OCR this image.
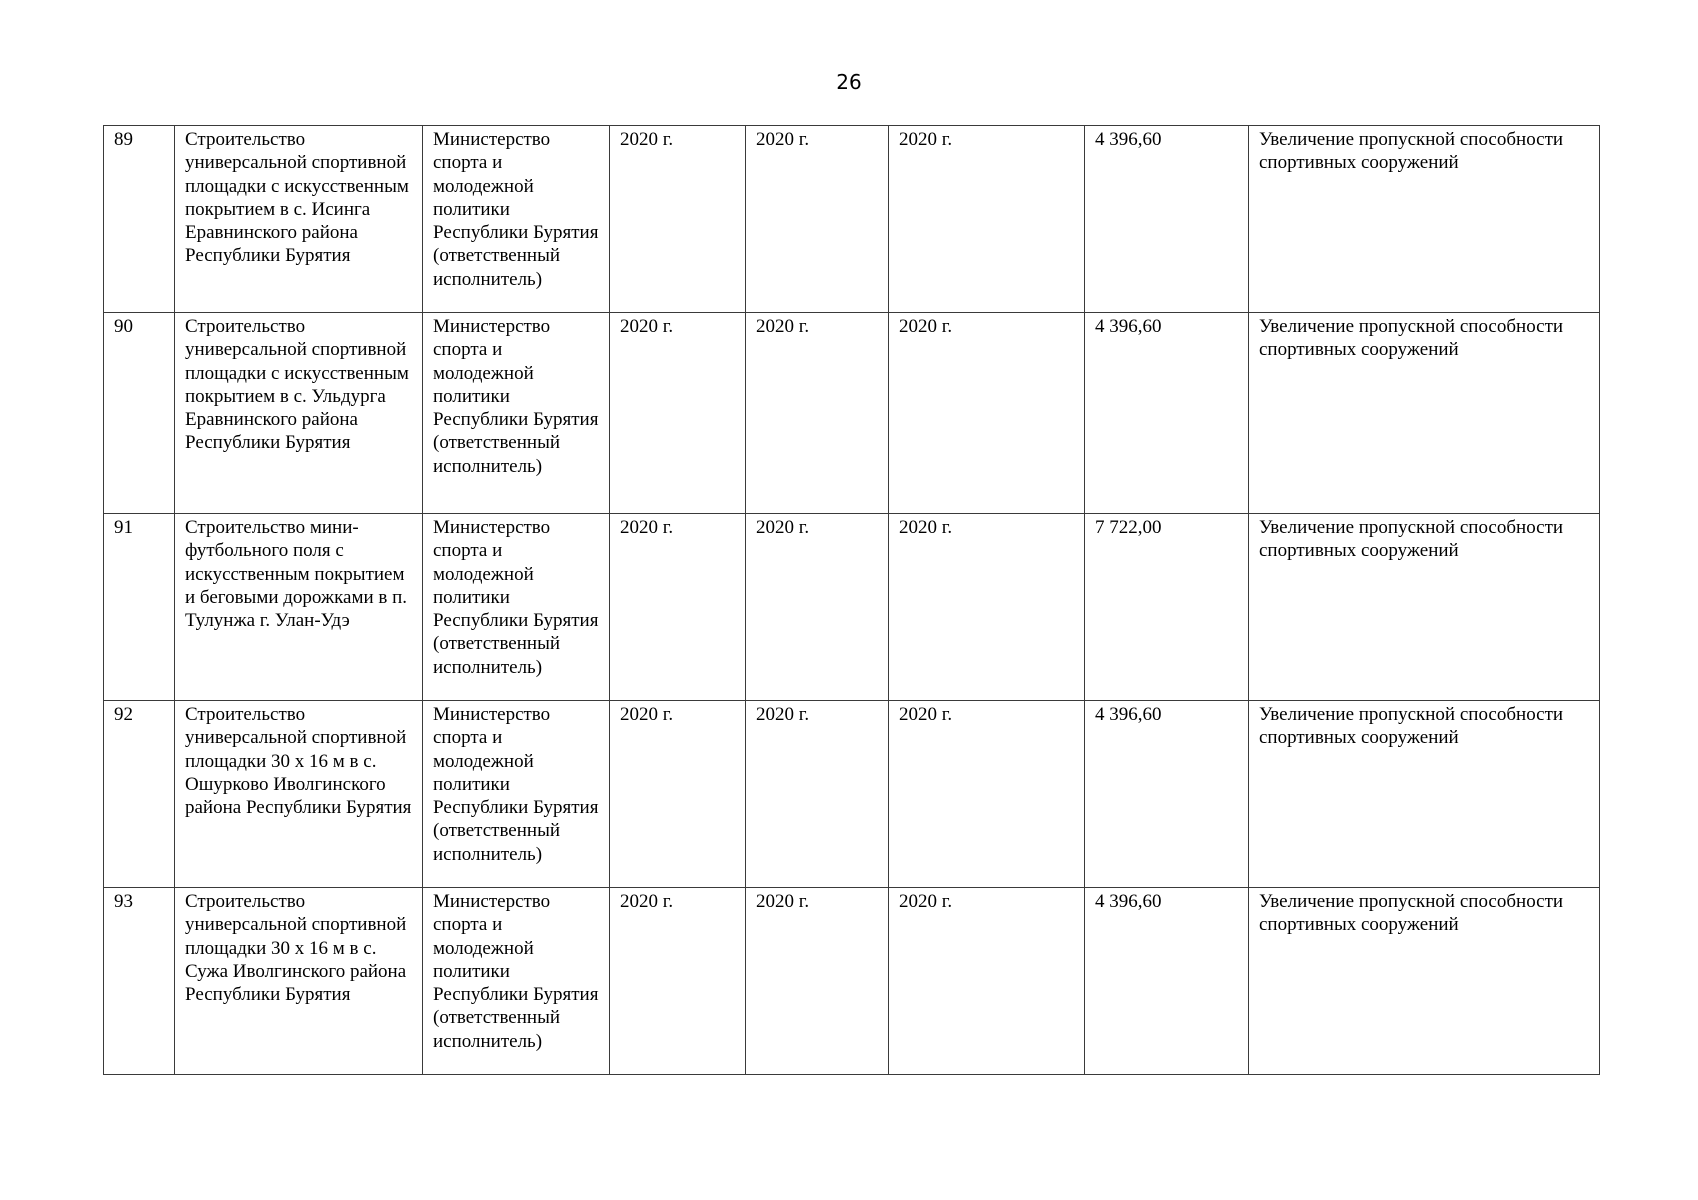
26
89	Строительство универсальной спортивной площадки с искусственным покрытием в с. Исинга Еравнинского района Республики Бурятия	Министерство спорта и молодежной политики Республики Бурятия (ответственный исполнитель)	2020 г.	2020 г.	2020 г.	4 396,60	Увеличение пропускной способности спортивных сооружений
90	Строительство универсальной спортивной площадки с искусственным покрытием в с. Ульдурга Еравнинского района Республики Бурятия	Министерство спорта и молодежной политики Республики Бурятия (ответственный исполнитель)	2020 г.	2020 г.	2020 г.	4 396,60	Увеличение пропускной способности спортивных сооружений
91	Строительство мини-футбольного поля с искусственным покрытием и беговыми дорожками в п. Тулунжа г. Улан-Удэ	Министерство спорта и молодежной политики Республики Бурятия (ответственный исполнитель)	2020 г.	2020 г.	2020 г.	7 722,00	Увеличение пропускной способности спортивных сооружений
92	Строительство универсальной спортивной площадки 30 х 16 м в с. Ошурково Иволгинского района Республики Бурятия	Министерство спорта и молодежной политики Республики Бурятия (ответственный исполнитель)	2020 г.	2020 г.	2020 г.	4 396,60	Увеличение пропускной способности спортивных сооружений
93	Строительство универсальной спортивной площадки 30 х 16 м в с. Сужа Иволгинского района Республики Бурятия	Министерство спорта и молодежной политики Республики Бурятия (ответственный исполнитель)	2020 г.	2020 г.	2020 г.	4 396,60	Увеличение пропускной способности спортивных сооружений
